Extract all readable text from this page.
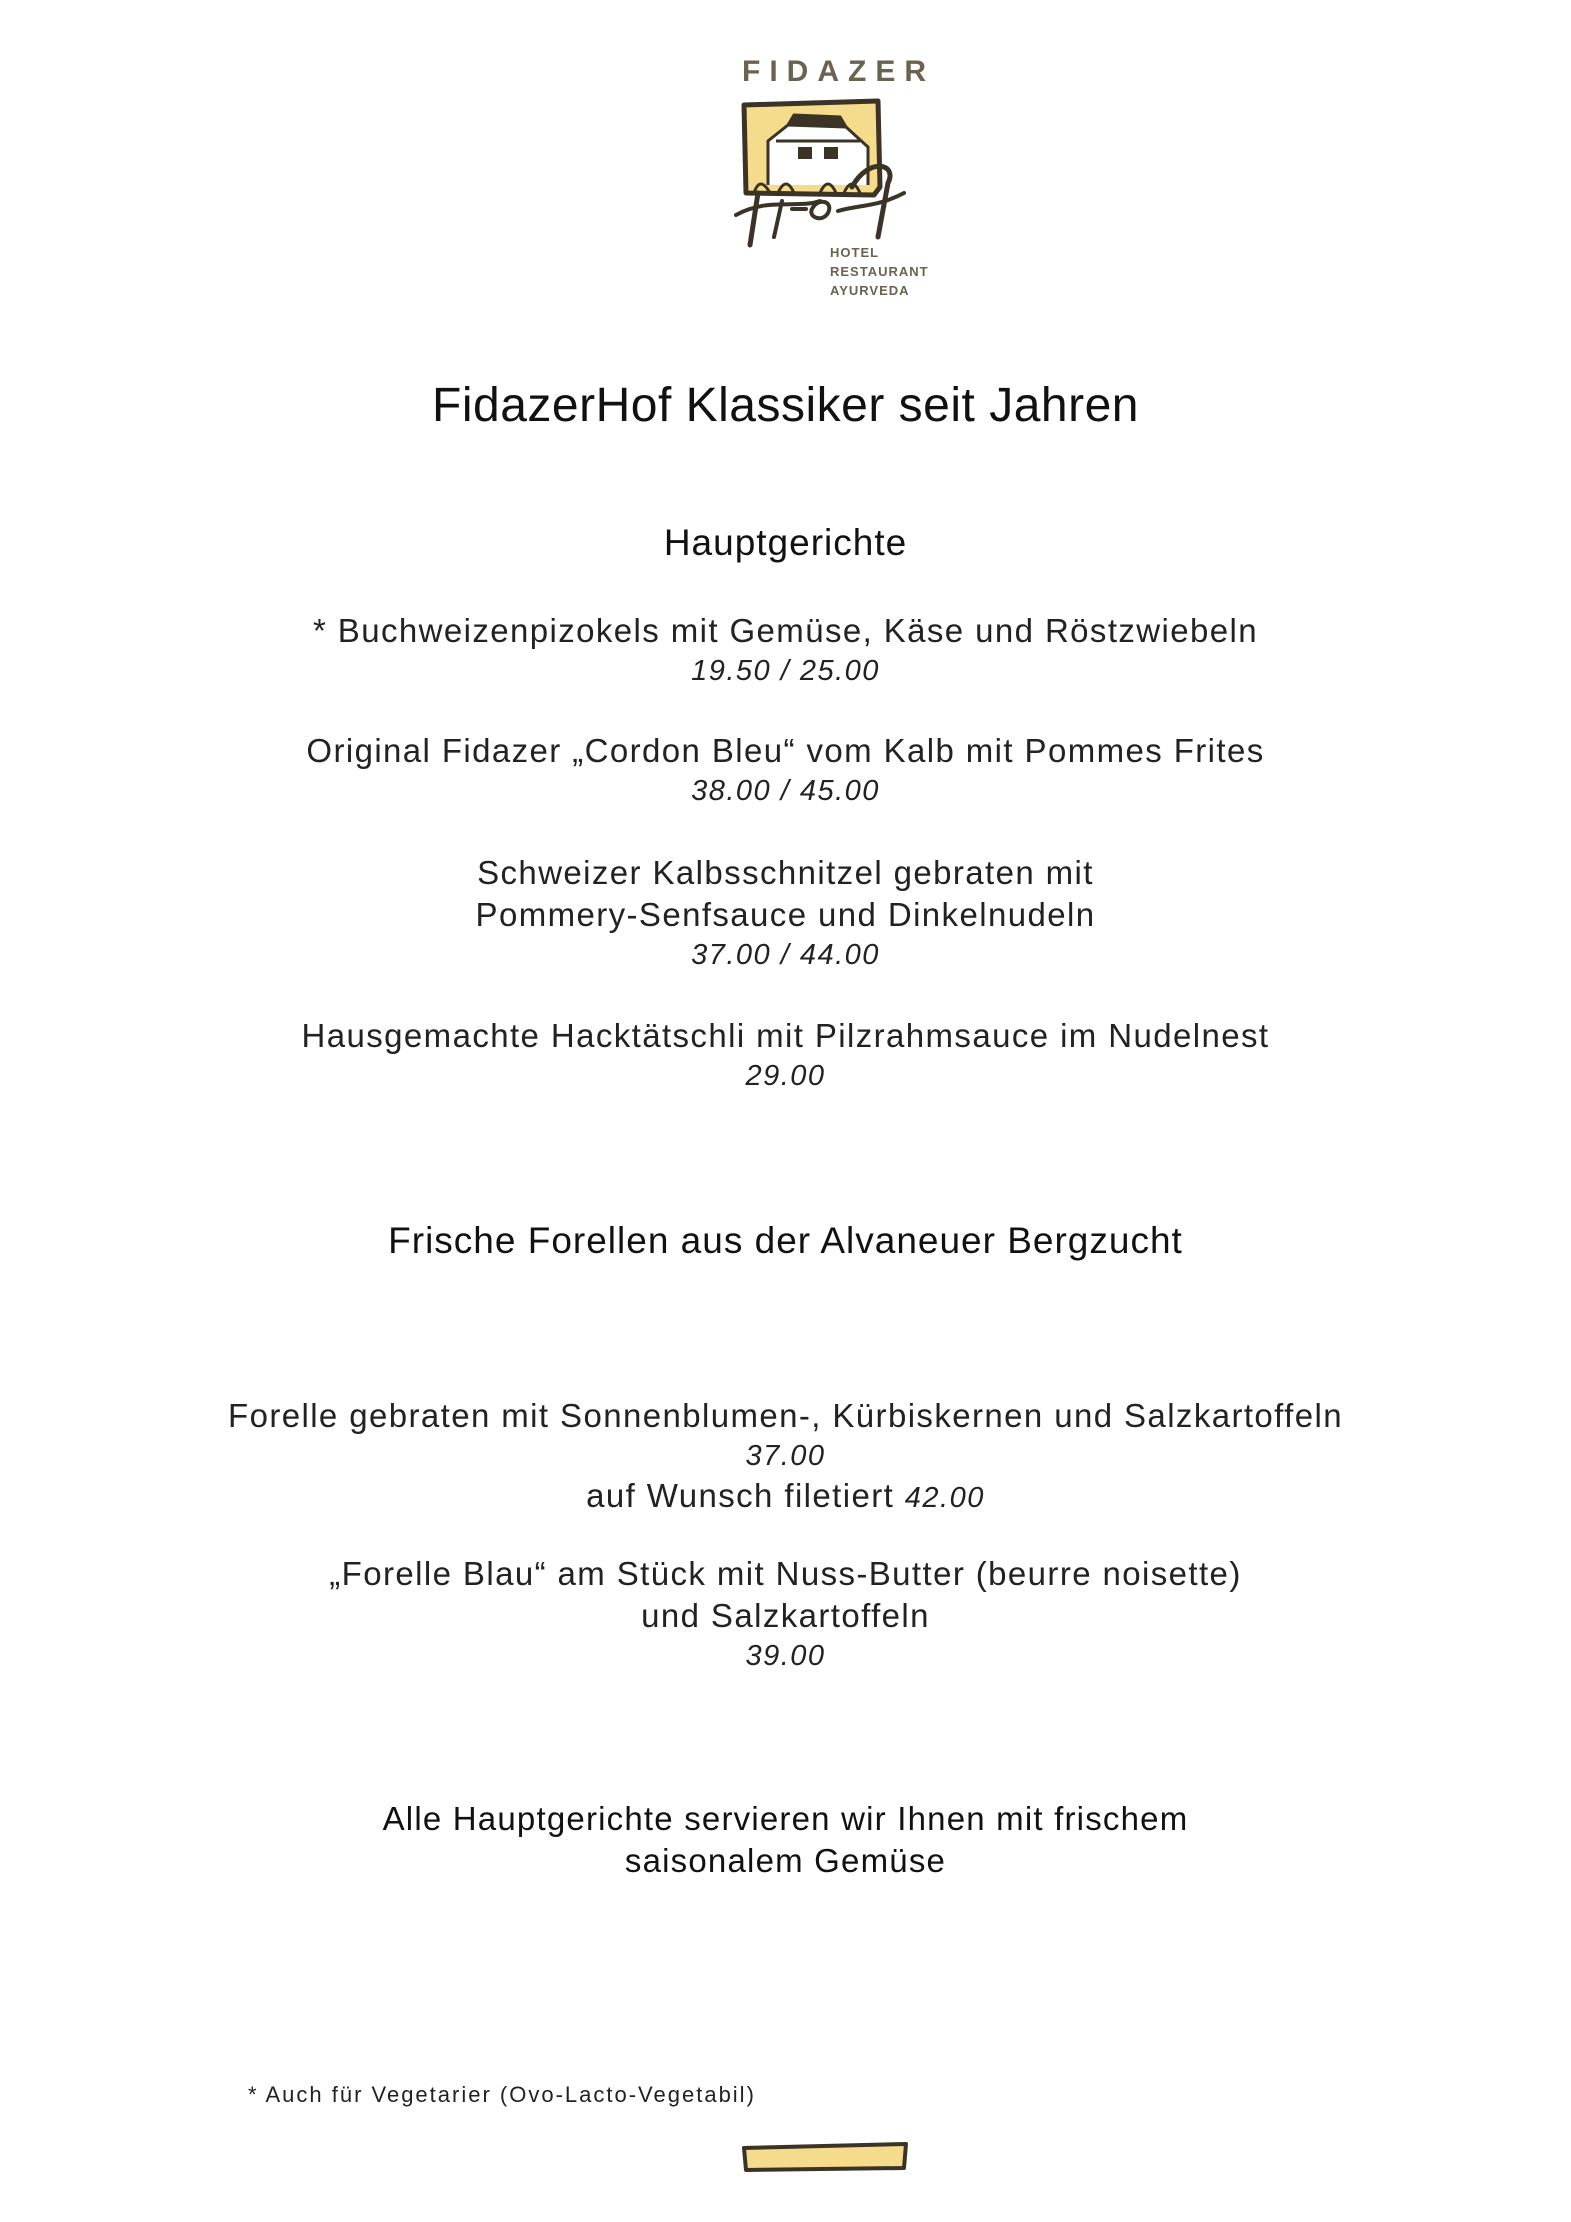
FIDAZER
HOTEL
RESTAURANT
AYURVEDA
FidazerHof Klassiker seit Jahren
Hauptgerichte
* Buchweizenpizokels mit Gemüse, Käse und Röstzwiebeln
19.50 / 25.00
Original Fidazer „Cordon Bleu“ vom Kalb mit Pommes Frites
38.00 / 45.00
Schweizer Kalbsschnitzel gebraten mit
Pommery-Senfsauce und Dinkelnudeln
37.00 / 44.00
Hausgemachte Hacktätschli mit Pilzrahmsauce im Nudelnest
29.00
Frische Forellen aus der Alvaneuer Bergzucht
Forelle gebraten mit Sonnenblumen-, Kürbiskernen und Salzkartoffeln
37.00
auf Wunsch filetiert 42.00
„Forelle Blau“ am Stück mit Nuss-Butter (beurre noisette)
und Salzkartoffeln
39.00
Alle Hauptgerichte servieren wir Ihnen mit frischem
saisonalem Gemüse
* Auch für Vegetarier (Ovo-Lacto-Vegetabil)
